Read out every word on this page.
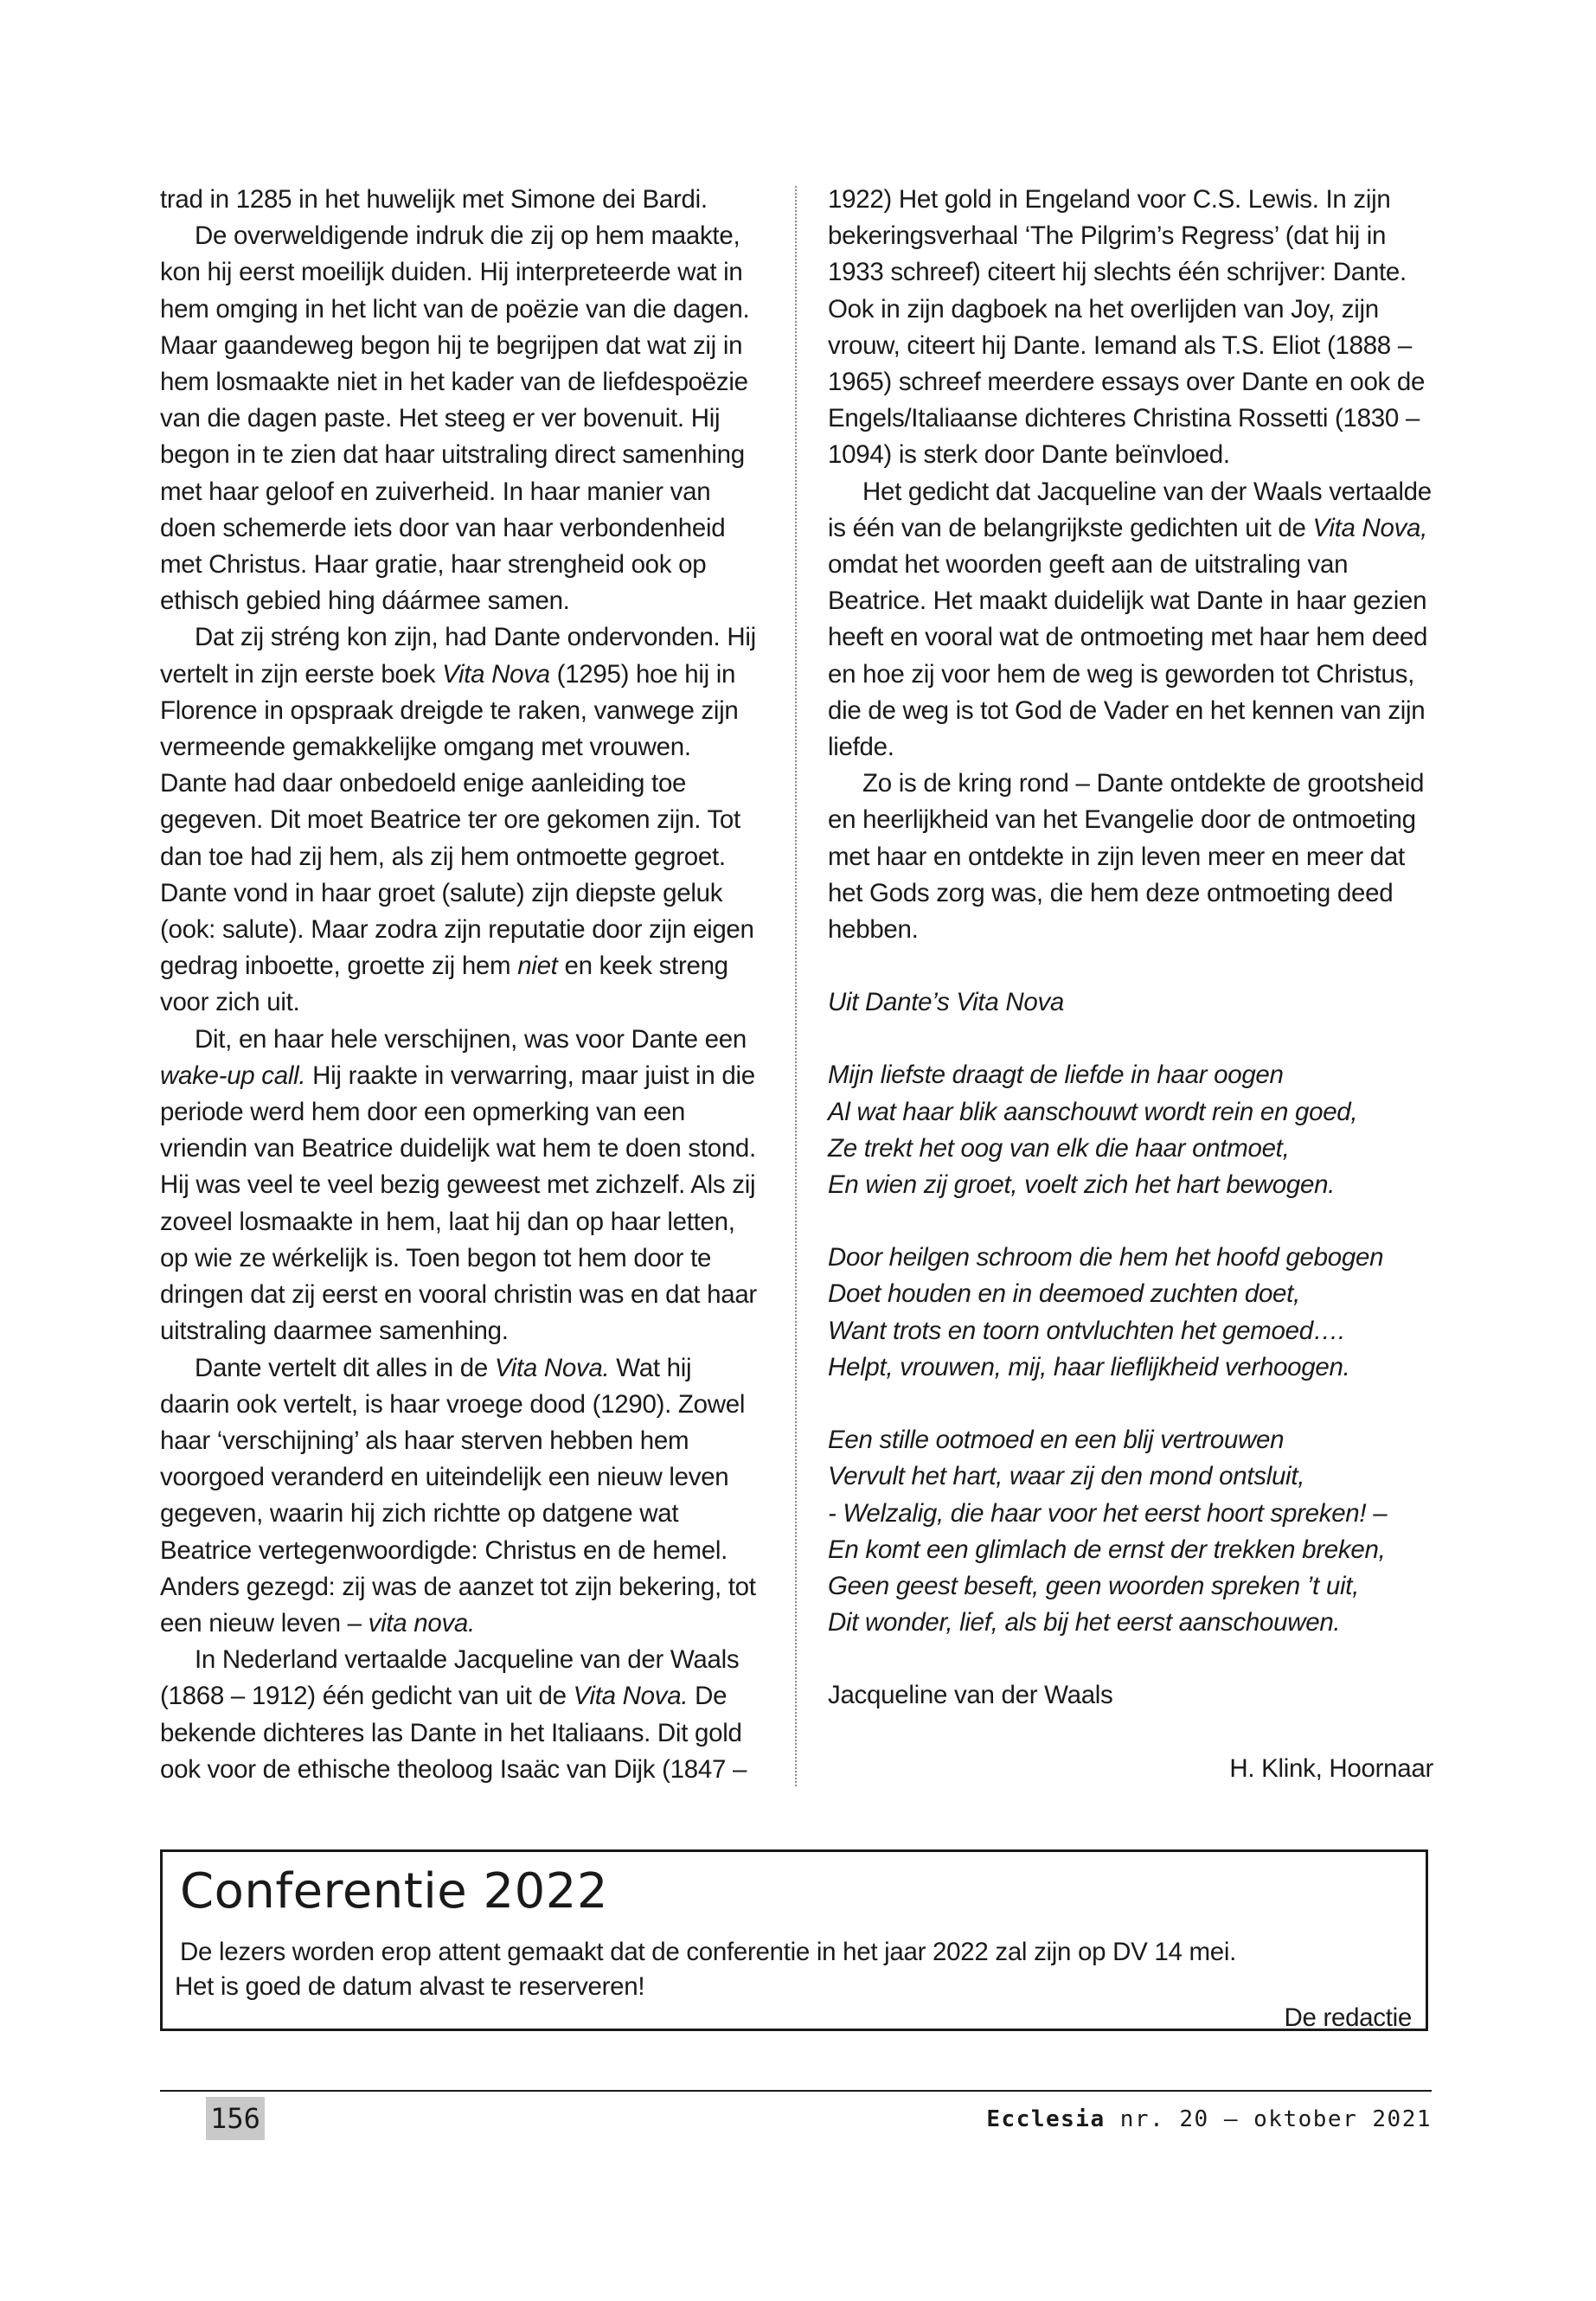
trad in 1285 in het huwelijk met Simone dei Bardi.

De overweldigende indruk die zij op hem maakte, kon hij eerst moeilijk duiden. Hij interpreteerde wat in hem omging in het licht van de poëzie van die dagen. Maar gaandeweg begon hij te begrijpen dat wat zij in hem losmaakte niet in het kader van de liefdespoëzie van die dagen paste. Het steeg er ver bovenuit. Hij begon in te zien dat haar uitstraling direct samenhing met haar geloof en zuiverheid. In haar manier van doen schemerde iets door van haar verbondenheid met Christus. Haar gratie, haar strengheid ook op ethisch gebied hing dáármee samen.

Dat zij stréng kon zijn, had Dante ondervonden. Hij vertelt in zijn eerste boek Vita Nova (1295) hoe hij in Florence in opspraak dreigde te raken, vanwege zijn vermeende gemakkelijke omgang met vrouwen. Dante had daar onbedoeld enige aanleiding toe gegeven. Dit moet Beatrice ter ore gekomen zijn. Tot dan toe had zij hem, als zij hem ontmoette gegroet. Dante vond in haar groet (salute) zijn diepste geluk (ook: salute). Maar zodra zijn reputatie door zijn eigen gedrag inboette, groette zij hem niet en keek streng voor zich uit.

Dit, en haar hele verschijnen, was voor Dante een wake-up call. Hij raakte in verwarring, maar juist in die periode werd hem door een opmerking van een vriendin van Beatrice duidelijk wat hem te doen stond. Hij was veel te veel bezig geweest met zichzelf. Als zij zoveel losmaakte in hem, laat hij dan op haar letten, op wie ze wérkelijk is. Toen begon tot hem door te dringen dat zij eerst en vooral christin was en dat haar uitstraling daarmee samenhing.

Dante vertelt dit alles in de Vita Nova. Wat hij daarin ook vertelt, is haar vroege dood (1290). Zowel haar ‘verschijning’ als haar sterven hebben hem voorgoed veranderd en uiteindelijk een nieuw leven gegeven, waarin hij zich richtte op datgene wat Beatrice vertegenwoordigde: Christus en de hemel. Anders gezegd: zij was de aanzet tot zijn bekering, tot een nieuw leven – vita nova.

In Nederland vertaalde Jacqueline van der Waals (1868 – 1912) één gedicht van uit de Vita Nova. De bekende dichteres las Dante in het Italiaans. Dit gold ook voor de ethische theoloog Isaäc van Dijk (1847 –

1922) Het gold in Engeland voor C.S. Lewis. In zijn bekeringsverhaal ‘The Pilgrim’s Regress’ (dat hij in 1933 schreef) citeert hij slechts één schrijver: Dante. Ook in zijn dagboek na het overlijden van Joy, zijn vrouw, citeert hij Dante. Iemand als T.S. Eliot (1888 – 1965) schreef meerdere essays over Dante en ook de Engels/Italiaanse dichteres Christina Rossetti (1830 – 1094) is sterk door Dante beïnvloed.

Het gedicht dat Jacqueline van der Waals vertaalde is één van de belangrijkste gedichten uit de Vita Nova, omdat het woorden geeft aan de uitstraling van Beatrice. Het maakt duidelijk wat Dante in haar gezien heeft en vooral wat de ontmoeting met haar hem deed en hoe zij voor hem de weg is geworden tot Christus, die de weg is tot God de Vader en het kennen van zijn liefde.

Zo is de kring rond – Dante ontdekte de grootsheid en heerlijkheid van het Evangelie door de ontmoeting met haar en ontdekte in zijn leven meer en meer dat het Gods zorg was, die hem deze ontmoeting deed hebben.

Uit Dante’s Vita Nova
Mijn liefste draagt de liefde in haar oogen
Al wat haar blik aanschouwt wordt rein en goed,
Ze trekt het oog van elk die haar ontmoet,
En wien zij groet, voelt zich het hart bewogen.
Door heilgen schroom die hem het hoofd gebogen
Doet houden en in deemoed zuchten doet,
Want trots en toorn ontvluchten het gemoed….
Helpt, vrouwen, mij, haar lieflijkheid verhoogen.
Een stille ootmoed en een blij vertrouwen
Vervult het hart, waar zij den mond ontsluit,
- Welzalig, die haar voor het eerst hoort spreken! –
En komt een glimlach de ernst der trekken breken,
Geen geest beseft, geen woorden spreken ’t uit,
Dit wonder, lief, als bij het eerst aanschouwen.
Jacqueline van der Waals
H. Klink, Hoornaar
Conferentie 2022
De lezers worden erop attent gemaakt dat de conferentie in het jaar 2022 zal zijn op DV 14 mei.
Het is goed de datum alvast te reserveren!
De redactie
156	Ecclesia nr. 20 — oktober 2021
